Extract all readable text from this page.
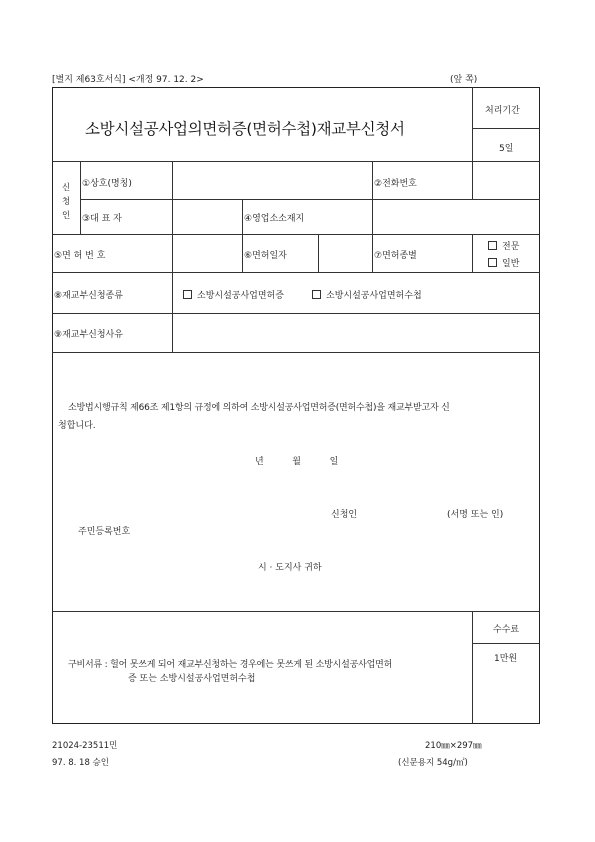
[별지 제63호서식] <개정 97. 12. 2>	(앞 쪽)
소방시설공사업의면허증(면허수첩)재교부신청서
처리기간
5일
신
청
인
①상호(명칭)	②전화번호
③대 표 자	④영업소소재지
⑤면 허 번 호	⑥면허일자	⑦면허종별
전문
일반
⑧재교부신청종류	소방시설공사업면허증	소방시설공사업면허수첩
⑨재교부신청사유
소방법시행규칙 제66조 제1항의 규정에 의하여 소방시설공사업면허증(면허수첩)을 재교부받고자 신
청합니다.
년          월          일
신청인	(서명 또는 인)
주민등록번호
시 · 도지사 귀하
구비서류 : 헐어 못쓰게 되어 재교부신청하는 경우에는 못쓰게 된 소방시설공사업면허
증 또는 소방시설공사업면허수첩
수수료
1만원
21024-23511민
97. 8. 18 승인
210㎜×297㎜
(신문용지 54g/㎡)
